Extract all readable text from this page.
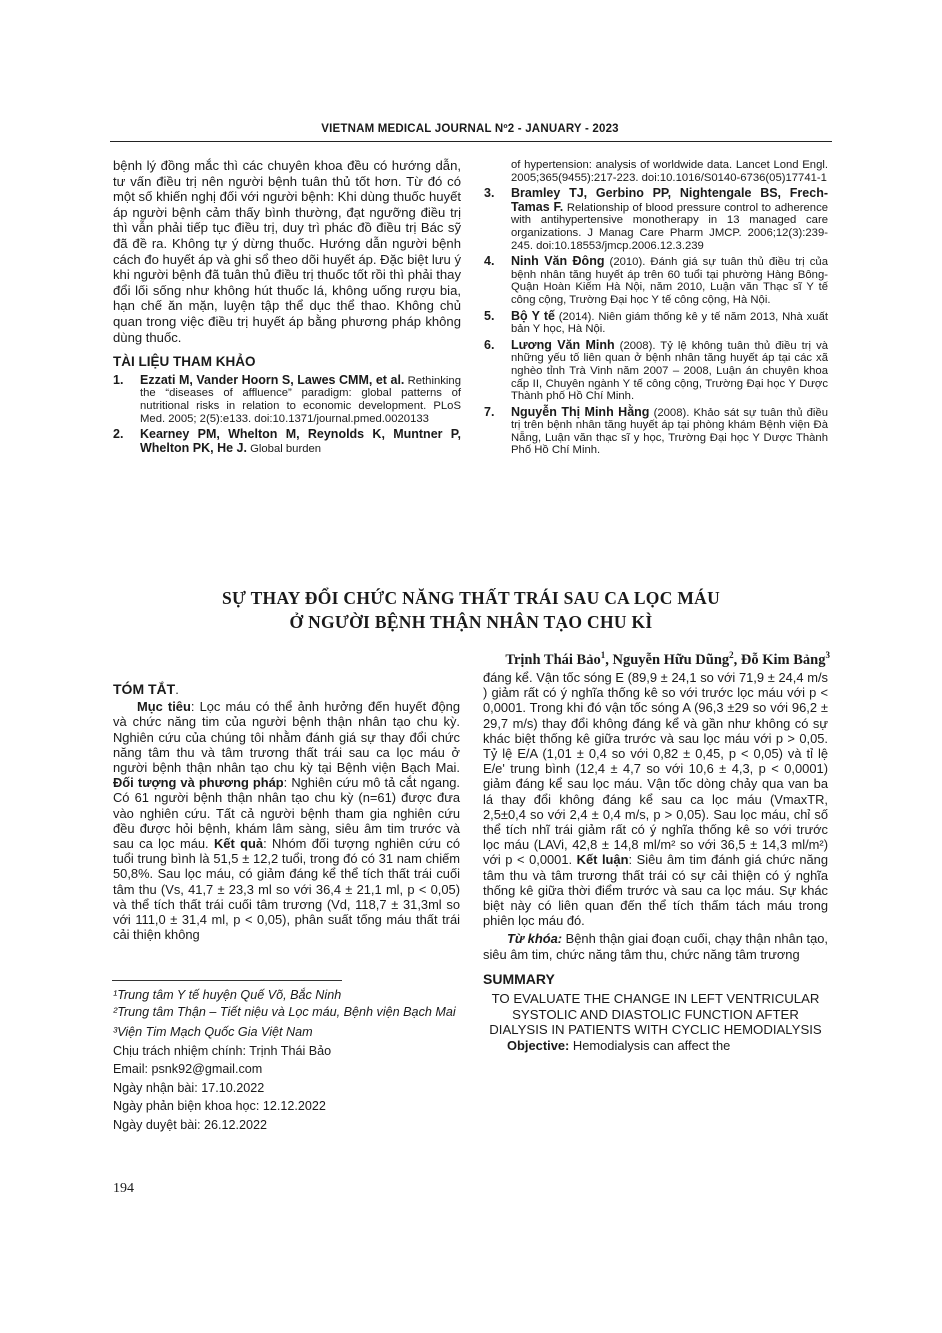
VIETNAM MEDICAL JOURNAL Nº2 - JANUARY - 2023

bệnh lý đồng mắc thì các chuyên khoa đều có hướng dẫn, tư vấn điều trị nên người bệnh tuân thủ tốt hơn. Từ đó có một số khiến nghị đối với người bệnh: Khi dùng thuốc huyết áp người bệnh cảm thấy bình thường, đạt ngưỡng điều trị thì vẫn phải tiếp tục điều trị, duy trì phác đồ điều trị Bác sỹ đã đề ra. Không tự ý dừng thuốc. Hướng dẫn người bệnh cách đo huyết áp và ghi sổ theo dõi huyết áp. Đặc biệt lưu ý khi người bệnh đã tuân thủ điều trị thuốc tốt rồi thì phải thay đổi lối sống như không hút thuốc lá, không uống rượu bia, hạn chế ăn mặn, luyện tập thể dục thể thao. Không chủ quan trong việc điều trị huyết áp bằng phương pháp không dùng thuốc.

TÀI LIỆU THAM KHẢO
1.	Ezzati M, Vander Hoorn S, Lawes CMM, et al. Rethinking the “diseases of affluence” paradigm: global patterns of nutritional risks in relation to economic development. PLoS Med. 2005; 2(5):e133. doi:10.1371/journal.pmed.0020133
2.	Kearney PM, Whelton M, Reynolds K, Muntner P, Whelton PK, He J. Global burden
of hypertension: analysis of worldwide data. Lancet Lond Engl. 2005;365(9455):217-223. doi:10.1016/S0140-6736(05)17741-1
3.	Bramley TJ, Gerbino PP, Nightengale BS, Frech-Tamas F. Relationship of blood pressure control to adherence with antihypertensive monotherapy in 13 managed care organizations. J Manag Care Pharm JMCP. 2006;12(3):239-245. doi:10.18553/jmcp.2006.12.3.239
4.	Ninh Văn Đông (2010). Đánh giá sự tuân thủ điều trị của bệnh nhân tăng huyết áp trên 60 tuổi tại phường Hàng Bông- Quận Hoàn Kiếm Hà Nội, năm 2010, Luận văn Thạc sĩ Y tế công cộng, Trường Đại học Y tế công cộng, Hà Nội.
5.	Bộ Y tế (2014). Niên giám thống kê y tế năm 2013, Nhà xuất bản Y học, Hà Nội.
6.	Lương Văn Minh (2008). Tỷ lệ không tuân thủ điều trị và những yếu tố liên quan ở bệnh nhân tăng huyết áp tại các xã nghèo tỉnh Trà Vinh năm 2007 – 2008, Luận án chuyên khoa cấp II, Chuyên ngành Y tế công cộng, Trường Đại học Y Dược Thành phố Hồ Chí Minh.
7.	Nguyễn Thị Minh Hằng (2008). Khảo sát sự tuân thủ điều trị trên bệnh nhân tăng huyết áp tại phòng khám Bệnh viện Đà Nẵng, Luận văn thạc sĩ y học, Trường Đại học Y Dược Thành Phố Hồ Chí Minh.
SỰ THAY ĐỔI CHỨC NĂNG THẤT TRÁI SAU CA LỌC MÁU
Ở NGƯỜI BỆNH THẬN NHÂN TẠO CHU KÌ
Trịnh Thái Bảo$^1$, Nguyễn Hữu Dũng$^2$, Đỗ Kim Bảng$^3$
TÓM TẮT.
Mục tiêu: Lọc máu có thể ảnh hưởng đến huyết động và chức năng tim của người bệnh thận nhân tạo chu kỳ. Nghiên cứu của chúng tôi nhằm đánh giá sự thay đổi chức năng tâm thu và tâm trương thất trái sau ca lọc máu ở người bệnh thận nhân tạo chu kỳ tại Bệnh viện Bạch Mai. Đối tượng và phương pháp: Nghiên cứu mô tả cắt ngang. Có 61 người bệnh thận nhân tạo chu kỳ (n=61) được đưa vào nghiên cứu. Tất cả người bệnh tham gia nghiên cứu đều được hỏi bệnh, khám lâm sàng, siêu âm tim trước và sau ca lọc máu. Kết quả: Nhóm đối tượng nghiên cứu có tuổi trung bình là 51,5 ± 12,2 tuổi, trong đó có 31 nam chiếm 50,8%. Sau lọc máu, có giảm đáng kể thể tích thất trái cuối tâm thu (Vs, 41,7 ± 23,3 ml so với 36,4 ± 21,1 ml, p < 0,05) và thể tích thất trái cuối tâm trương (Vd, 118,7 ± 31,3ml so với 111,0 ± 31,4 ml, p < 0,05), phân suất tống máu thất trái cải thiện không
¹Trung tâm Y tế huyện Quế Võ, Bắc Ninh
²Trung tâm Thận – Tiết niệu và Lọc máu, Bệnh viện Bạch Mai
³Viện Tim Mạch Quốc Gia Việt Nam
Chịu trách nhiệm chính: Trịnh Thái Bảo
Email: psnk92@gmail.com
Ngày nhận bài: 17.10.2022
Ngày phản biện khoa học: 12.12.2022
Ngày duyệt bài: 26.12.2022
đáng kể. Vận tốc sóng E (89,9 ± 24,1 so với 71,9 ± 24,4 m/s ) giảm rất có ý nghĩa thống kê so với trước lọc máu với p < 0,0001. Trong khi đó vận tốc sóng A (96,3 ±29 so với 96,2 ± 29,7 m/s) thay đổi không đáng kể và gần như không có sự khác biệt thống kê giữa trước và sau lọc máu với p > 0,05. Tỷ lệ E/A (1,01 ± 0,4 so với 0,82 ± 0,45, p < 0,05) và tỉ lệ E/e' trung bình (12,4 ± 4,7 so với 10,6 ± 4,3, p < 0,0001) giảm đáng kể sau lọc máu. Vận tốc dòng chảy qua van ba lá thay đổi không đáng kể sau ca lọc máu (VmaxTR, 2,5±0,4 so với 2,4 ± 0,4 m/s, p > 0,05). Sau lọc máu, chỉ số thể tích nhĩ trái giảm rất có ý nghĩa thống kê so với trước lọc máu (LAVi, 42,8 ± 14,8 ml/m² so với 36,5 ± 14,3 ml/m²) với p < 0,0001. Kết luận: Siêu âm tim đánh giá chức năng tâm thu và tâm trương thất trái có sự cải thiện có ý nghĩa thống kê giữa thời điểm trước và sau ca lọc máu. Sự khác biệt này có liên quan đến thể tích thấm tách máu trong phiên lọc máu đó.
Từ khóa: Bệnh thận giai đoạn cuối, chạy thận nhân tạo, siêu âm tim, chức năng tâm thu, chức năng tâm trương
SUMMARY
TO EVALUATE THE CHANGE IN LEFT VENTRICULAR SYSTOLIC AND DIASTOLIC FUNCTION AFTER DIALYSIS IN PATIENTS WITH CYCLIC HEMODIALYSIS
Objective: Hemodialysis can affect the
194
